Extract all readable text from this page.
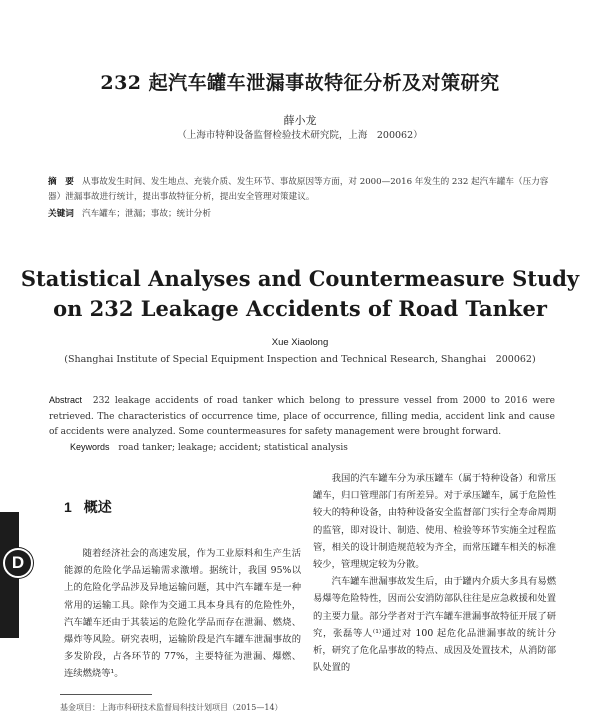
232 起汽车罐车泄漏事故特征分析及对策研究
薛小龙
（上海市特种设备监督检验技术研究院，上海　200062）
摘　要 从事故发生时间、发生地点、充装介质、发生环节、事故原因等方面，对 2000—2016 年发生的 232 起汽车罐车（压力容器）泄漏事故进行统计，提出事故特征分析，提出安全管理对策建议。
关键词 汽车罐车；泄漏；事故；统计分析
Statistical Analyses and Countermeasure Study
on 232 Leakage Accidents of Road Tanker
Xue Xiaolong
(Shanghai Institute of Special Equipment Inspection and Technical Research, Shanghai　200062)
Abstract 232 leakage accidents of road tanker which belong to pressure vessel from 2000 to 2016 were retrieved. The characteristics of occurrence time, place of occurrence, filling media, accident link and cause of accidents were analyzed. Some countermeasures for safety management were brought forward.
Keywords road tanker; leakage; accident; statistical analysis
1 概述

随着经济社会的高速发展，作为工业原料和生产生活能源的危险化学品运输需求激增。据统计，我国 95%以上的危险化学品涉及异地运输问题，其中汽车罐车是一种常用的运输工具。除作为交通工具本身具有的危险性外，汽车罐车还由于其装运的危险化学品而存在泄漏、燃烧、爆炸等风险。研究表明，运输阶段是汽车罐车泄漏事故的多发阶段，占各环节的 77%，主要特征为泄漏、爆燃、连续燃烧等¹。

我国的汽车罐车分为承压罐车（属于特种设备）和常压罐车，归口管理部门有所差异。对于承压罐车，属于危险性较大的特种设备，由特种设备安全监督部门实行全寿命周期的监管，即对设计、制造、使用、检验等环节实施全过程监管，相关的设计制造规范较为齐全，而常压罐车相关的标准较少，管理规定较为分散。

汽车罐车泄漏事故发生后，由于罐内介质大多具有易燃易爆等危险特性，因而公安消防部队往往是应急救援和处置的主要力量。部分学者对于汽车罐车泄漏事故特征开展了研究，张磊等人⁽¹⁾通过对 100 起危化品泄漏事故的统计分析，研究了危化品事故的特点、成因及处置技术，从消防部队处置的

D
基金项目：上海市科研技术监督局科技计划项目（2015—14）
